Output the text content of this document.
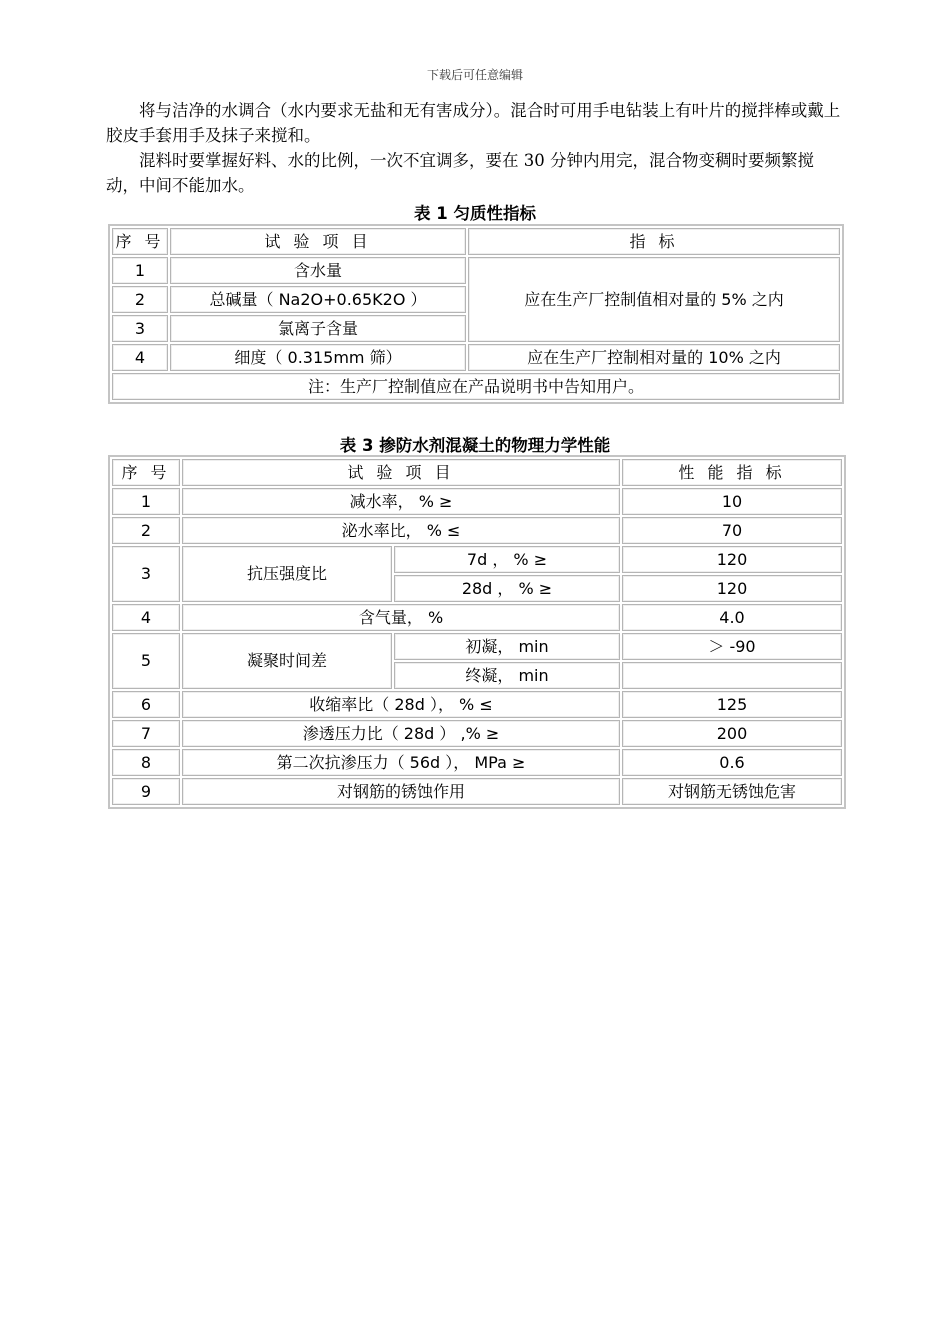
下载后可任意编辑

将与洁净的水调合（水内要求无盐和无有害成分）。混合时可用手电钻装上有叶片的搅拌棒或戴上胶皮手套用手及抹子来搅和。

混料时要掌握好料、水的比例，一次不宜调多，要在 30 分钟内用完，混合物变稠时要频繁搅动，中间不能加水。

表 1 匀质性指标
序 号	试 验 项 目	指 标
1	含水量	应在生产厂控制值相对量的 5% 之内
2	总碱量（ Na2O+0.65K2O ）	
3	氯离子含量	
4	细度（ 0.315mm 筛）	应在生产厂控制相对量的 10% 之内
注：生产厂控制值应在产品说明书中告知用户。		
表 3 掺防水剂混凝土的物理力学性能
序 号	试 验 项 目		性 能 指 标
1	减水率， % ≥		10
2	泌水率比， % ≤		70
3	抗压强度比	7d ， % ≥	120
		28d ， % ≥	120
4	含气量， %		4.0
5	凝聚时间差	初凝， min	＞ -90
		终凝， min	
6	收缩率比（ 28d ）， % ≤		125
7	渗透压力比（ 28d ） ,% ≥		200
8	第二次抗渗压力（ 56d ）， MPa ≥		0.6
9	对钢筋的锈蚀作用		对钢筋无锈蚀危害
